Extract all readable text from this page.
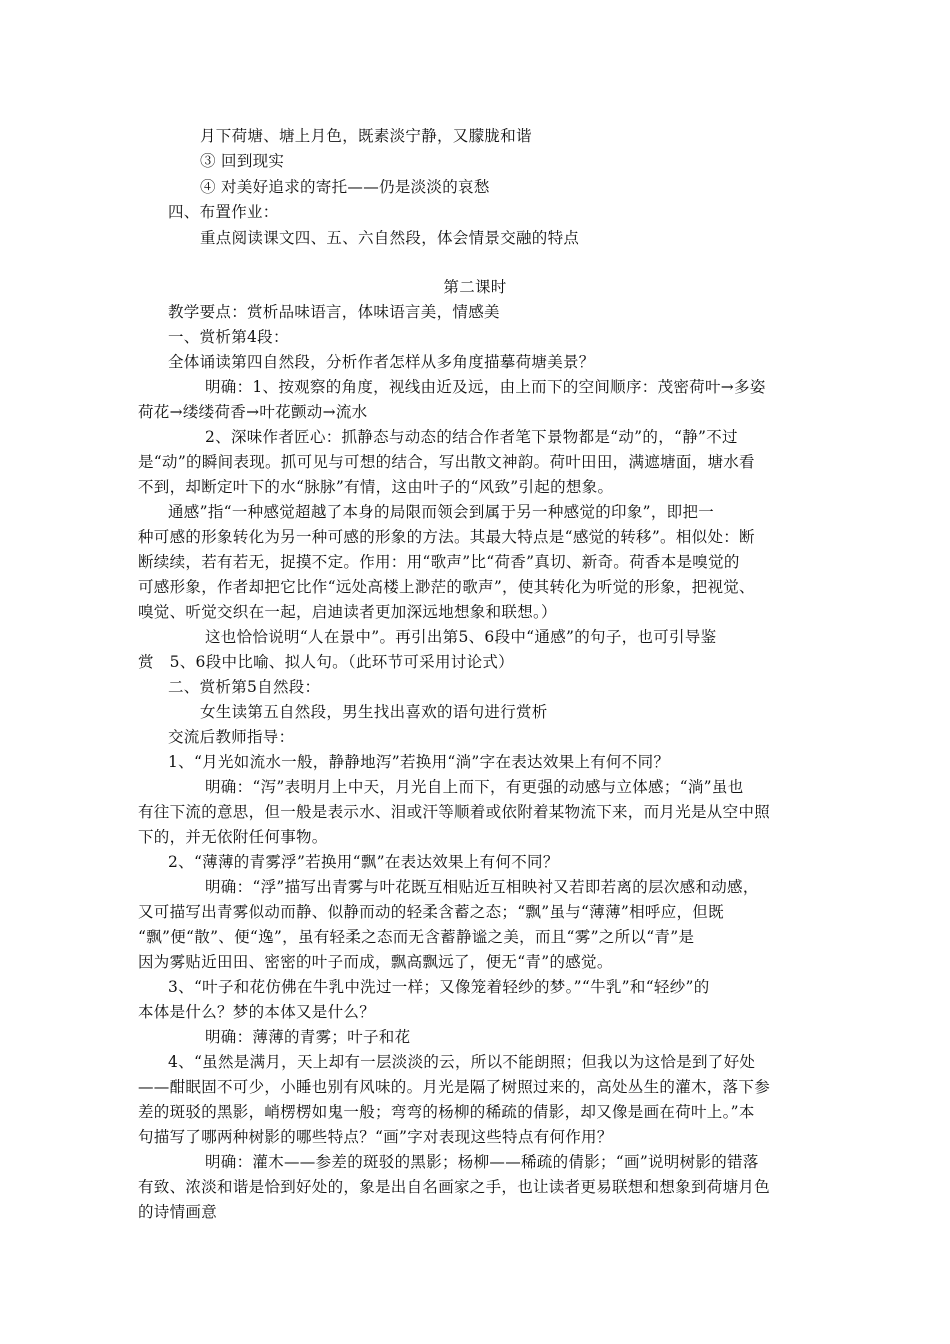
月下荷塘、塘上月色，既素淡宁静，又朦胧和谐
③ 回到现实
④ 对美好追求的寄托——仍是淡淡的哀愁
四、布置作业：
重点阅读课文四、五、六自然段，体会情景交融的特点
第二课时
教学要点：赏析品味语言，体味语言美，情感美
一、赏析第4段：
全体诵读第四自然段，分析作者怎样从多角度描摹荷塘美景？
明确：1、按观察的角度，视线由近及远，由上而下的空间顺序：茂密荷叶→多姿
荷花→缕缕荷香→叶花颤动→流水
2、深味作者匠心：抓静态与动态的结合作者笔下景物都是“动”的，“静”不过
是“动”的瞬间表现。抓可见与可想的结合，写出散文神韵。荷叶田田，满遮塘面，塘水看
不到，却断定叶下的水“脉脉”有情，这由叶子的“风致”引起的想象。
通感”指“一种感觉超越了本身的局限而领会到属于另一种感觉的印象”，即把一
种可感的形象转化为另一种可感的形象的方法。其最大特点是“感觉的转移”。相似处：断
断续续，若有若无，捉摸不定。作用：用“歌声”比“荷香”真切、新奇。荷香本是嗅觉的
可感形象，作者却把它比作“远处高楼上渺茫的歌声”，使其转化为听觉的形象，把视觉、
嗅觉、听觉交织在一起，启迪读者更加深远地想象和联想。）
这也恰恰说明“人在景中”。再引出第5、6段中“通感”的句子，也可引导鉴
赏　5、6段中比喻、拟人句。（此环节可采用讨论式）
二、赏析第5自然段：
女生读第五自然段，男生找出喜欢的语句进行赏析
交流后教师指导：
1、“月光如流水一般，静静地泻”若换用“淌”字在表达效果上有何不同？
明确：“泻”表明月上中天，月光自上而下，有更强的动感与立体感；“淌”虽也
有往下流的意思，但一般是表示水、泪或汗等顺着或依附着某物流下来，而月光是从空中照
下的，并无依附任何事物。
2、“薄薄的青雾浮”若换用“飘”在表达效果上有何不同？
明确：“浮”描写出青雾与叶花既互相贴近互相映衬又若即若离的层次感和动感，
又可描写出青雾似动而静、似静而动的轻柔含蓄之态；“飘”虽与“薄薄”相呼应，但既
“飘”便“散”、便“逸”，虽有轻柔之态而无含蓄静谧之美，而且“雾”之所以“青”是
因为雾贴近田田、密密的叶子而成，飘高飘远了，便无“青”的感觉。
3、“叶子和花仿佛在牛乳中洗过一样；又像笼着轻纱的梦。”“牛乳”和“轻纱”的
本体是什么？梦的本体又是什么？
明确：薄薄的青雾；叶子和花
4、“虽然是满月，天上却有一层淡淡的云，所以不能朗照；但我以为这恰是到了好处
——酣眠固不可少，小睡也别有风味的。月光是隔了树照过来的，高处丛生的灌木，落下参
差的斑驳的黑影，峭楞楞如鬼一般；弯弯的杨柳的稀疏的倩影，却又像是画在荷叶上。”本
句描写了哪两种树影的哪些特点？“画”字对表现这些特点有何作用？
明确：灌木——参差的斑驳的黑影；杨柳——稀疏的倩影；“画”说明树影的错落
有致、浓淡和谐是恰到好处的，象是出自名画家之手，也让读者更易联想和想象到荷塘月色
的诗情画意
